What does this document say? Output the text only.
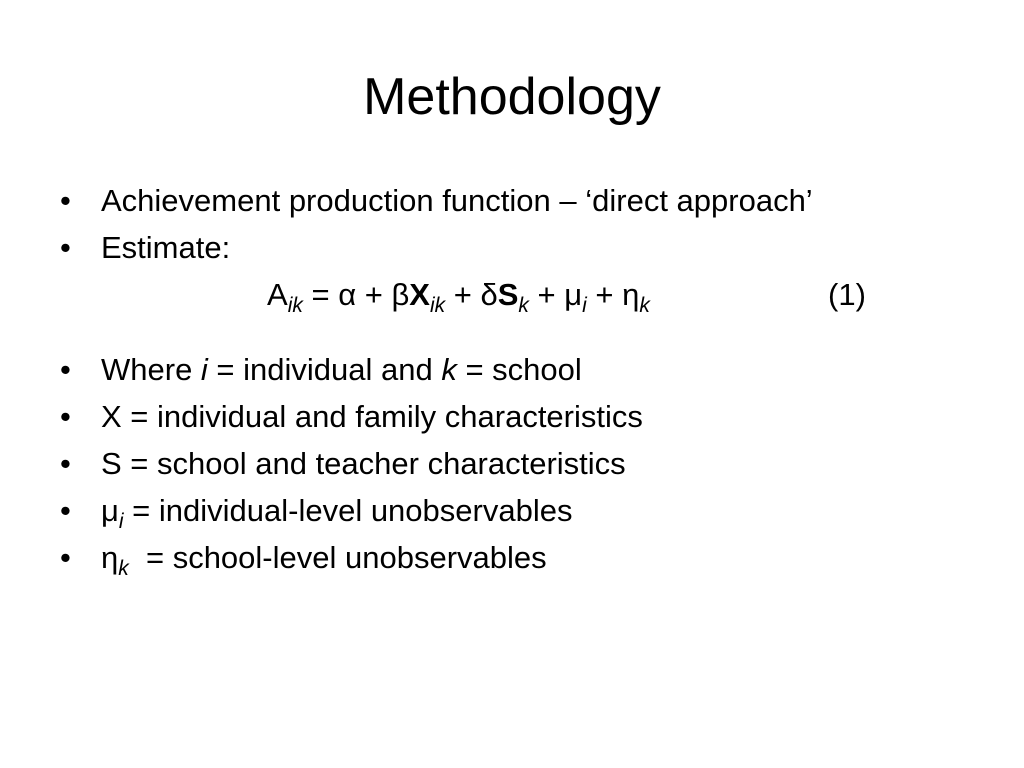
Methodology
• Achievement production function – ‘direct approach’
• Estimate:
$A_{ik} = \alpha + \beta X_{ik} + \delta S_k + \mu_i + \eta_k$	(1)
• Where i = individual and k = school
• X = individual and family characteristics
• S = school and teacher characteristics
• $\mu_i$ = individual-level unobservables
• $\eta_k$  = school-level unobservables
